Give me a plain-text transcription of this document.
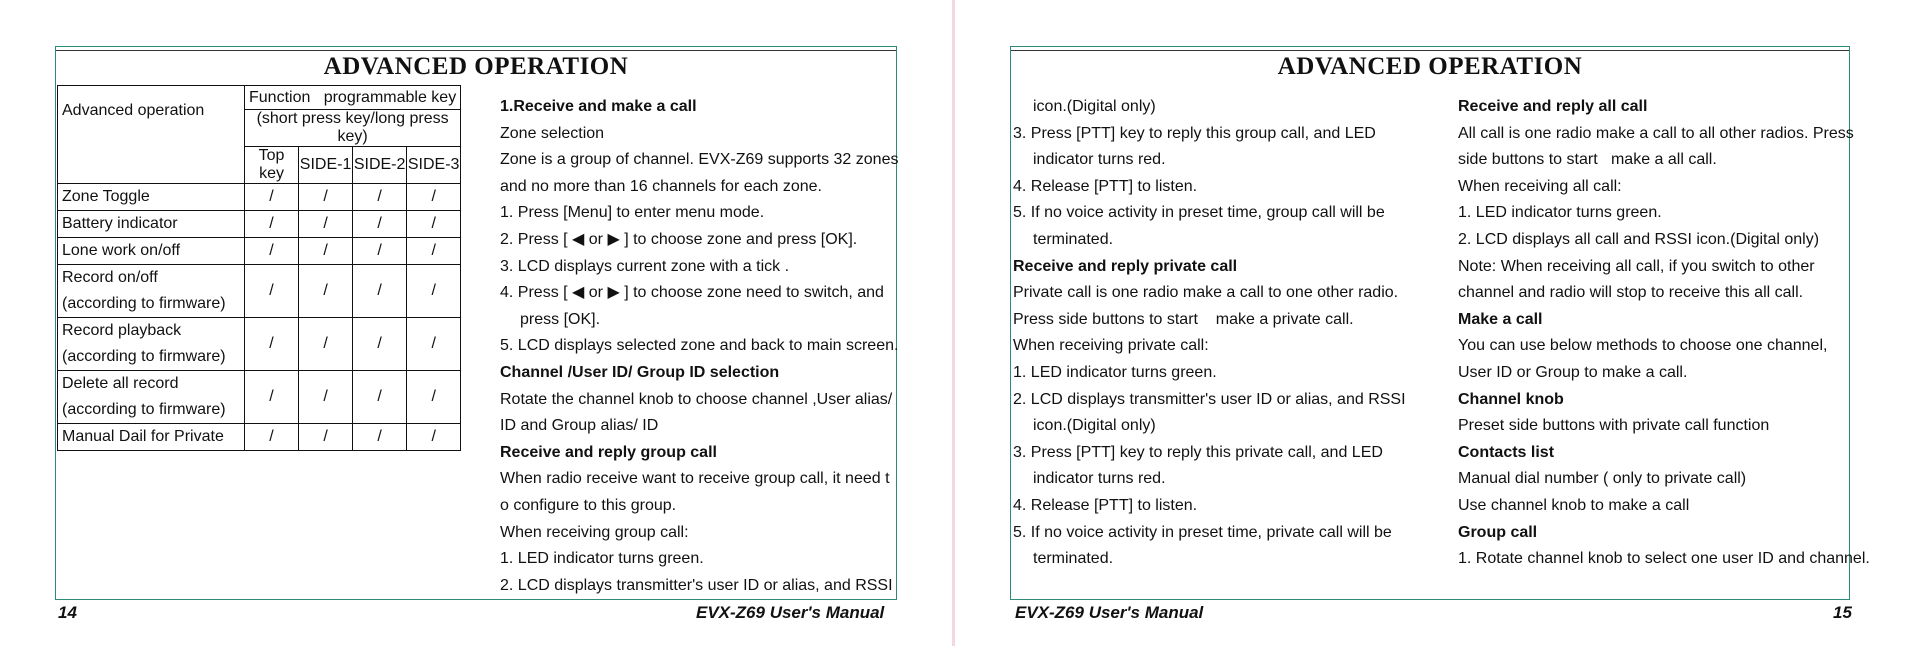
ADVANCED OPERATION
Advanced operation	Function   programmable key			
	(short press key/long press key)			
	Top key	SIDE-1	SIDE-2	SIDE-3
Zone Toggle	/	/	/	/
Battery indicator	/	/	/	/
Lone work on/off	/	/	/	/

Record on/off
(according to firmware)	/	/	/	/

Record playback
(according to firmware)	/	/	/	/

Delete all record
(according to firmware)	/	/	/	/
Manual Dail for Private	/	/	/	/
1.Receive and make a call
Zone selection
Zone is a group of channel. EVX-Z69 supports 32 zones
and no more than 16 channels for each zone.
1. Press [Menu] to enter menu mode.
2. Press [ ◀ or ▶ ] to choose zone and press [OK].
3. LCD displays current zone with a tick .
4. Press [ ◀ or ▶ ] to choose zone need to switch, and
press [OK].
5. LCD displays selected zone and back to main screen.
Channel /User ID/ Group ID selection
Rotate the channel knob to choose channel ,User alias/
ID and Group alias/ ID
Receive and reply group call
When radio receive want to receive group call, it need t
o configure to this group.
When receiving group call:
1. LED indicator turns green.
2. LCD displays transmitter's user ID or alias, and RSSI
14	EVX-Z69 User's Manual
ADVANCED OPERATION
icon.(Digital only)
3. Press [PTT] key to reply this group call, and LED
indicator turns red.
4. Release [PTT] to listen.
5. If no voice activity in preset time, group call will be
terminated.
Receive and reply private call
Private call is one radio make a call to one other radio.
Press side buttons to start    make a private call.
When receiving private call:
1. LED indicator turns green.
2. LCD displays transmitter's user ID or alias, and RSSI
icon.(Digital only)
3. Press [PTT] key to reply this private call, and LED
indicator turns red.
4. Release [PTT] to listen.
5. If no voice activity in preset time, private call will be
terminated.
Receive and reply all call
All call is one radio make a call to all other radios. Press
side buttons to start   make a all call.
When receiving all call:
1. LED indicator turns green.
2. LCD displays all call and RSSI icon.(Digital only)
Note: When receiving all call, if you switch to other
channel and radio will stop to receive this all call.
Make a call
You can use below methods to choose one channel,
User ID or Group to make a call.
Channel knob
Preset side buttons with private call function
Contacts list
Manual dial number ( only to private call)
Use channel knob to make a call
Group call
1. Rotate channel knob to select one user ID and channel.
EVX-Z69 User's Manual	15
